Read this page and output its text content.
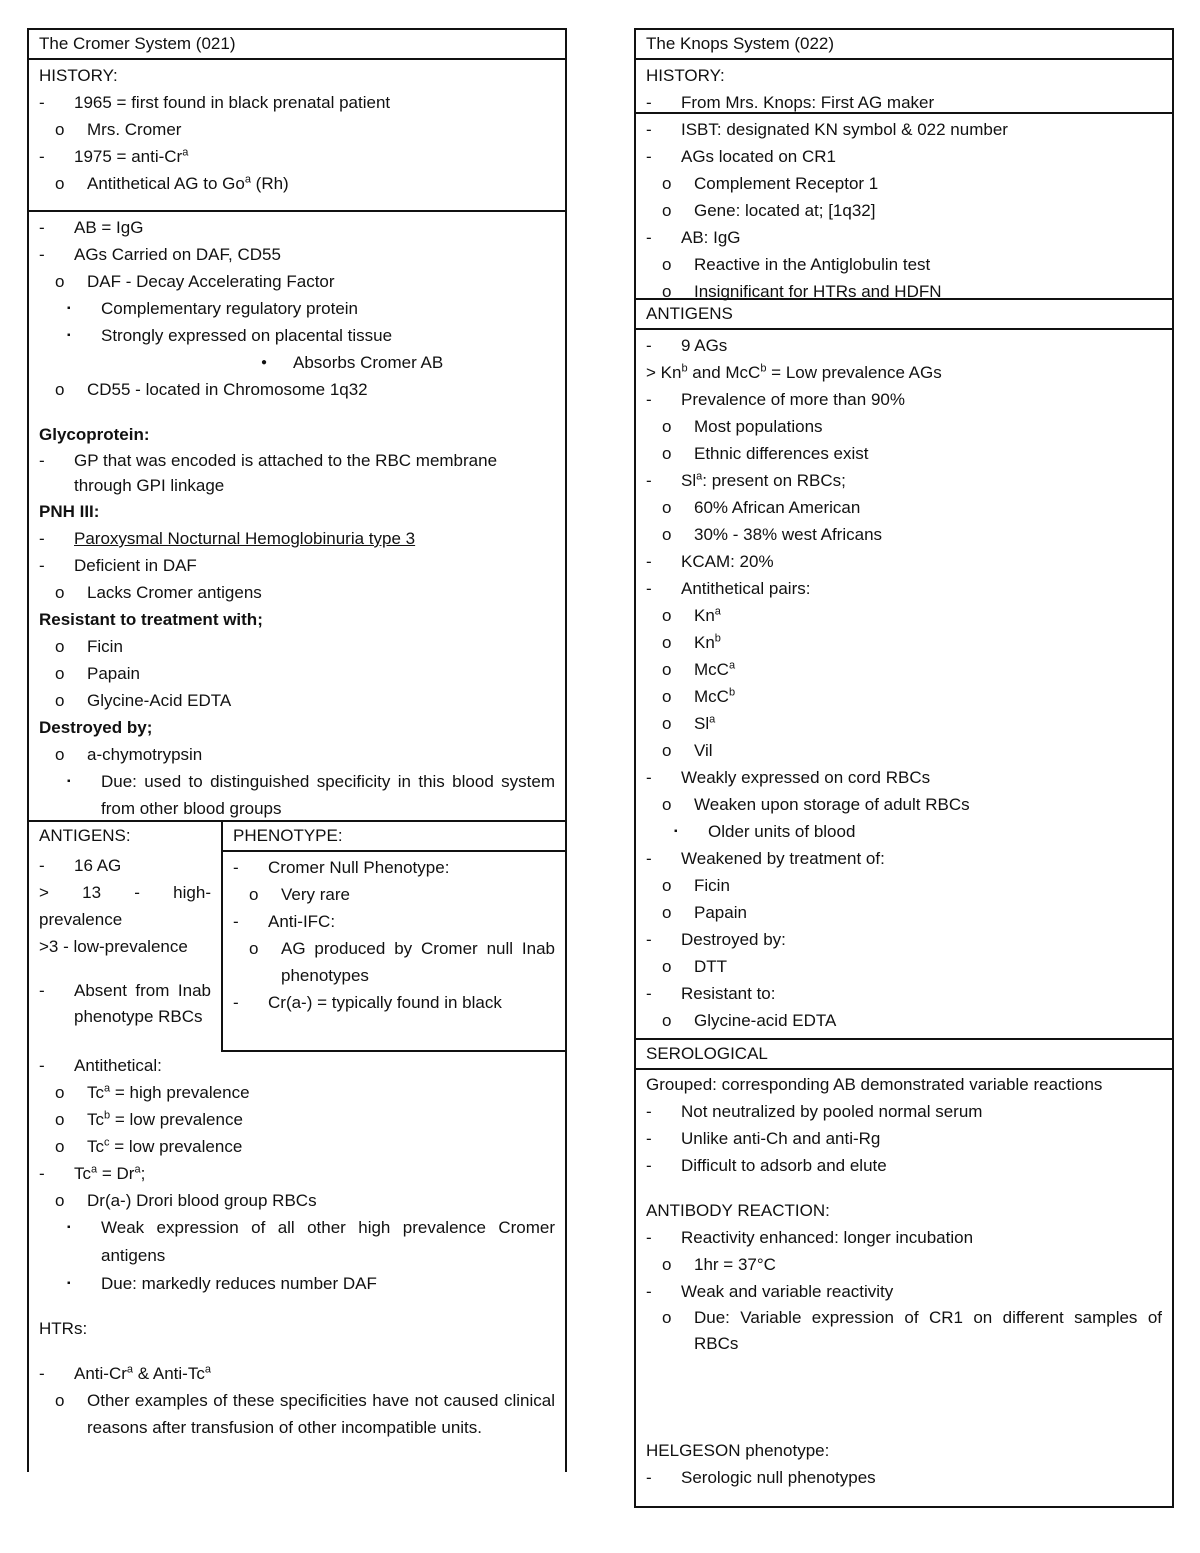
The Cromer System (021)
HISTORY:
- 1965 = first found in black prenatal patient
o Mrs. Cromer
- 1975 = anti-$Cr^a$
o Antithetical AG to Go$^a$ (Rh)
- AB = IgG
- AGs Carried on DAF, CD55
o DAF - Decay Accelerating Factor
▪ Complementary regulatory protein
▪ Strongly expressed on placental tissue
● Absorbs Cromer AB
o CD55 - located in Chromosome 1q32
Glycoprotein:
- GP that was encoded is attached to the RBC membrane through GPI linkage
PNH III:
- Paroxysmal Nocturnal Hemoglobinuria type 3
- Deficient in DAF
o Lacks Cromer antigens
Resistant to treatment with;
o Ficin
o Papain
o Glycine-Acid EDTA
Destroyed by;
o a-chymotrypsin
▪ Due: used to distinguished specificity in this blood system from other blood groups
ANTIGENS:	PHENOTYPE:
- Cromer Null Phenotype:
o Very rare
- Anti-IFC:
o AG produced by Cromer null Inab phenotypes
- Cr(a-) = typically found in black
- 16 AG
> 13 - high-prevalence
>3 - low-prevalence
- Absent from Inab phenotype RBCs
- Antithetical:
o $Tc^a$ = high prevalence
o $Tc^b$ = low prevalence
o $Tc^c$ = low prevalence
- $Tc^a = Dr^a$;
o Dr(a-) Drori blood group RBCs
▪ Weak expression of all other high prevalence Cromer antigens
▪ Due: markedly reduces number DAF
HTRs:
- Anti-Cr$^a$ & Anti-Tc$^a$
o Other examples of these specificities have not caused clinical reasons after transfusion of other incompatible units.
The Knops System (022)
HISTORY:
- From Mrs. Knops: First AG maker
- ISBT: designated KN symbol & 022 number
- AGs located on CR1
o Complement Receptor 1
o Gene: located at; [1q32]
- AB: IgG
o Reactive in the Antiglobulin test
o Insignificant for HTRs and HDFN
ANTIGENS
- 9 AGs
> $Kn^b$ and McC$^b$ = Low prevalence AGs
- Prevalence of more than 90%
o Most populations
o Ethnic differences exist
- Sl$^a$: present on RBCs;
o 60% African American
o 30% - 38% west Africans
- KCAM: 20%
- Antithetical pairs:
o Kn$^a$
o Kn$^b$
o McC$^a$
o McC$^b$
o Sl$^a$
o Vil
- Weakly expressed on cord RBCs
o Weaken upon storage of adult RBCs
▪ Older units of blood
- Weakened by treatment of:
o Ficin
o Papain
- Destroyed by:
o DTT
- Resistant to:
o Glycine-acid EDTA
SEROLOGICAL
Grouped: corresponding AB demonstrated variable reactions
- Not neutralized by pooled normal serum
- Unlike anti-Ch and anti-Rg
- Difficult to adsorb and elute
ANTIBODY REACTION:
- Reactivity enhanced: longer incubation
o 1hr = 37°C
- Weak and variable reactivity
o Due: Variable expression of CR1 on different samples of RBCs
HELGESON phenotype:
- Serologic null phenotypes
